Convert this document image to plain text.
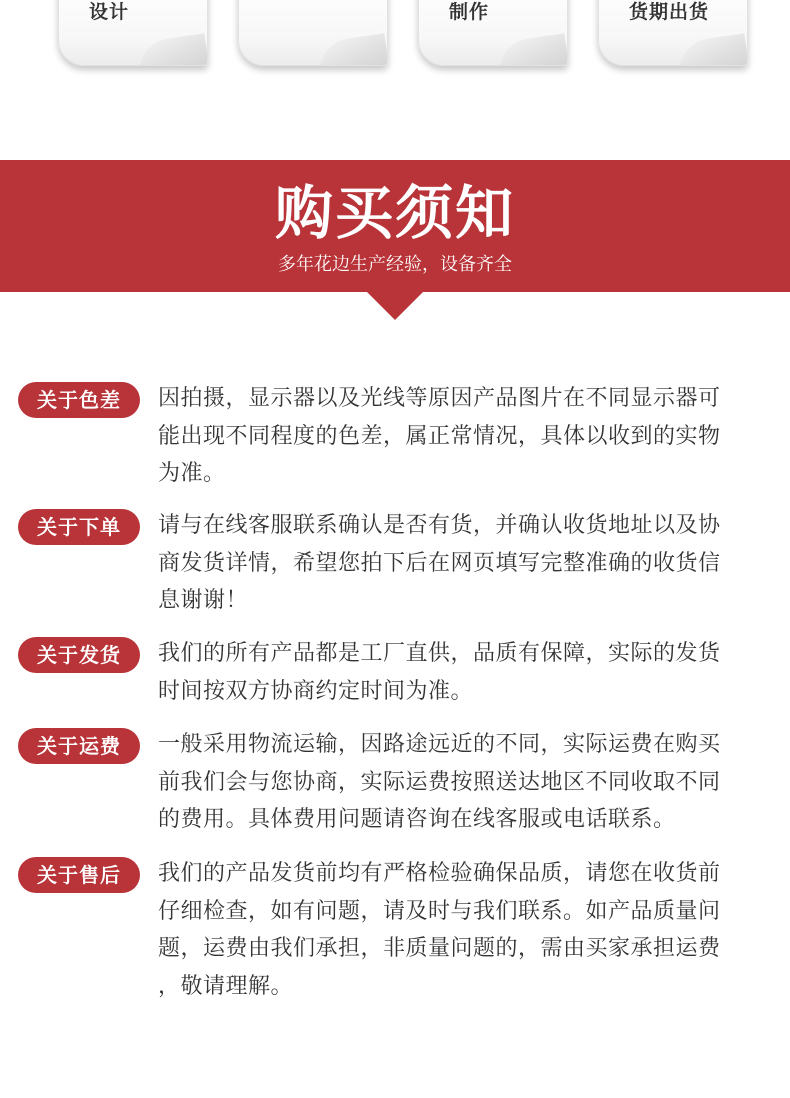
设计	制作	货期出货
购买须知
多年花边生产经验，设备齐全
关于色差	因拍摄，显示器以及光线等原因产品图片在不同显示器可
能出现不同程度的色差，属正常情况，具体以收到的实物
为准。
关于下单	请与在线客服联系确认是否有货，并确认收货地址以及协
商发货详情，希望您拍下后在网页填写完整准确的收货信
息谢谢！
关于发货	我们的所有产品都是工厂直供，品质有保障，实际的发货
时间按双方协商约定时间为准。
关于运费	一般采用物流运输，因路途远近的不同，实际运费在购买
前我们会与您协商，实际运费按照送达地区不同收取不同
的费用。具体费用问题请咨询在线客服或电话联系。
关于售后	我们的产品发货前均有严格检验确保品质，请您在收货前
仔细检查，如有问题，请及时与我们联系。如产品质量问
题，运费由我们承担，非质量问题的，需由买家承担运费
，敬请理解。
